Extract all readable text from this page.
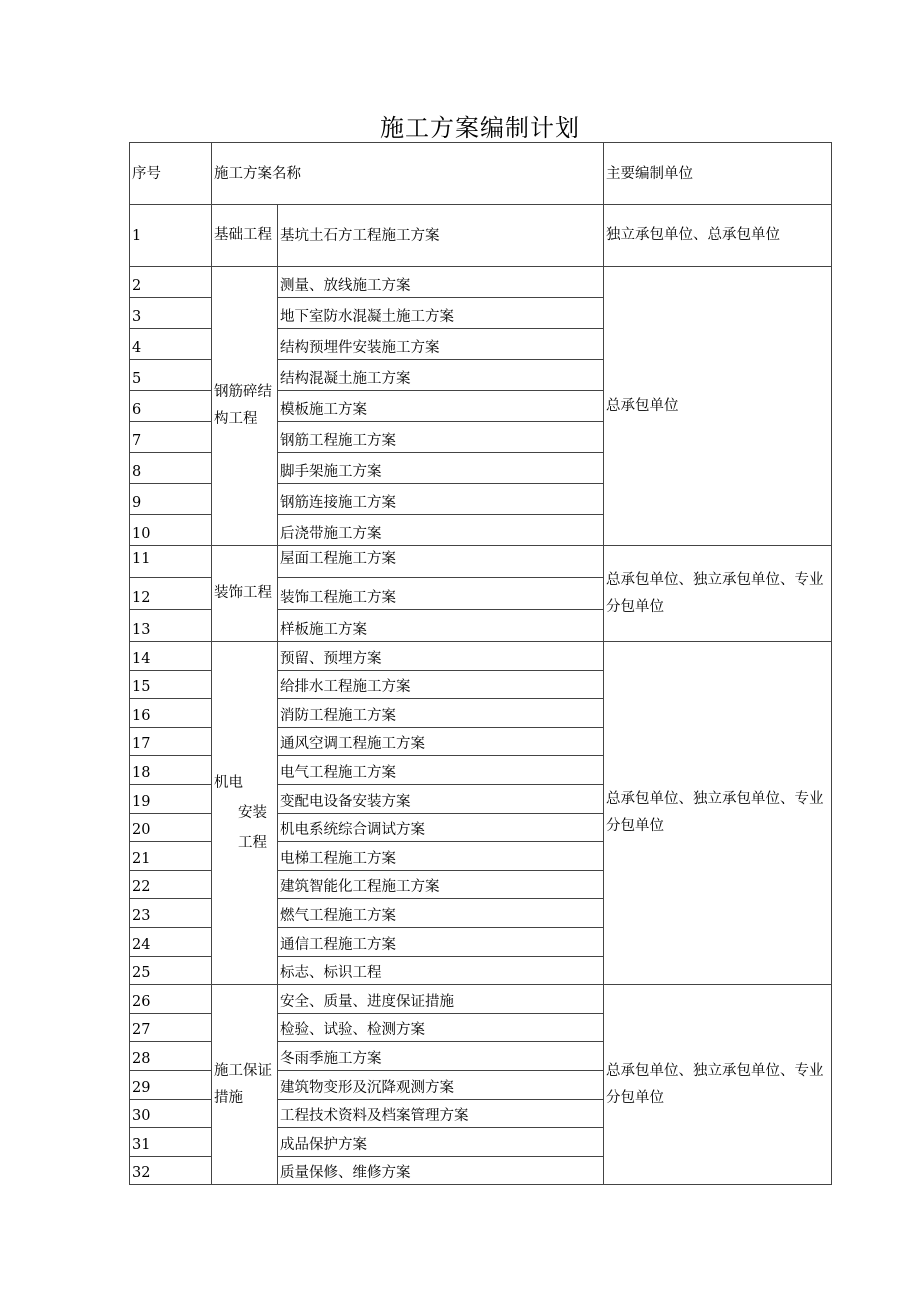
施工方案编制计划
序号	施工方案名称		主要编制单位
1	基础工程	基坑土石方工程施工方案	独立承包单位、总承包单位
2	钢筋碎结构工程	测量、放线施工方案	总承包单位
3		地下室防水混凝土施工方案	
4		结构预埋件安装施工方案	
5		结构混凝土施工方案	
6		模板施工方案	
7		钢筋工程施工方案	
8		脚手架施工方案	
9		钢筋连接施工方案	
10		后浇带施工方案	
11	装饰工程	屋面工程施工方案	总承包单位、独立承包单位、专业分包单位
12		装饰工程施工方案	
13		样板施工方案	
14	机电
安装
工程	预留、预埋方案	总承包单位、独立承包单位、专业分包单位
15		给排水工程施工方案	
16		消防工程施工方案	
17		通风空调工程施工方案	
18		电气工程施工方案	
19		变配电设备安装方案	
20		机电系统综合调试方案	
21		电梯工程施工方案	
22		建筑智能化工程施工方案	
23		燃气工程施工方案	
24		通信工程施工方案	
25		标志、标识工程	
26	施工保证措施	安全、质量、进度保证措施	总承包单位、独立承包单位、专业分包单位
27		检验、试验、检测方案	
28		冬雨季施工方案	
29		建筑物变形及沉降观测方案	
30		工程技术资料及档案管理方案	
31		成品保护方案	
32		质量保修、维修方案	
